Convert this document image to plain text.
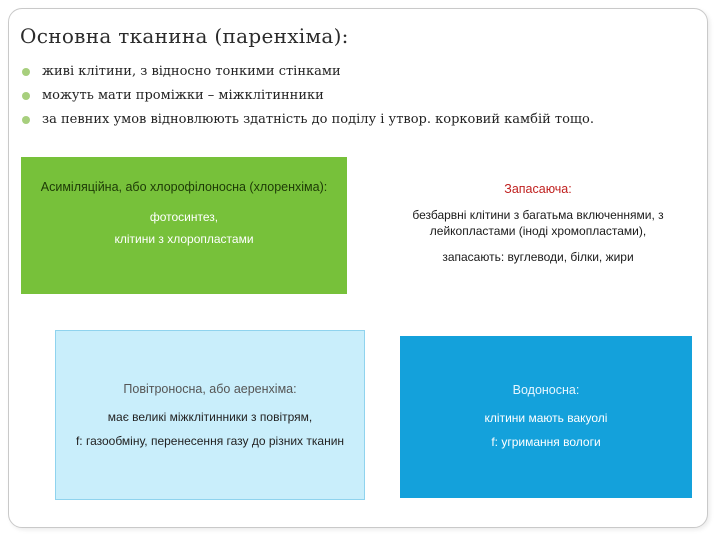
Основна тканина (паренхіма):
живі клітини, з відносно тонкими стінками
можуть мати проміжки – міжклітинники
за певних умов відновлюють здатність до поділу і утвор. корковий камбій тощо.
Асиміляційна, або хлорофілоносна (хлоренхіма):
фотосинтез,
клітини з хлоропластами
Запасаюча:
безбарвні клітини з багатьма включеннями, з лейкопластами (іноді хромопластами),
запасають: вуглеводи, білки, жири
Повітроносна, або аеренхіма:
має великі міжклітинники з повітрям,
f: газообміну, перенесення газу до різних тканин
Водоносна:
клітини мають вакуолі
f: угримання вологи
